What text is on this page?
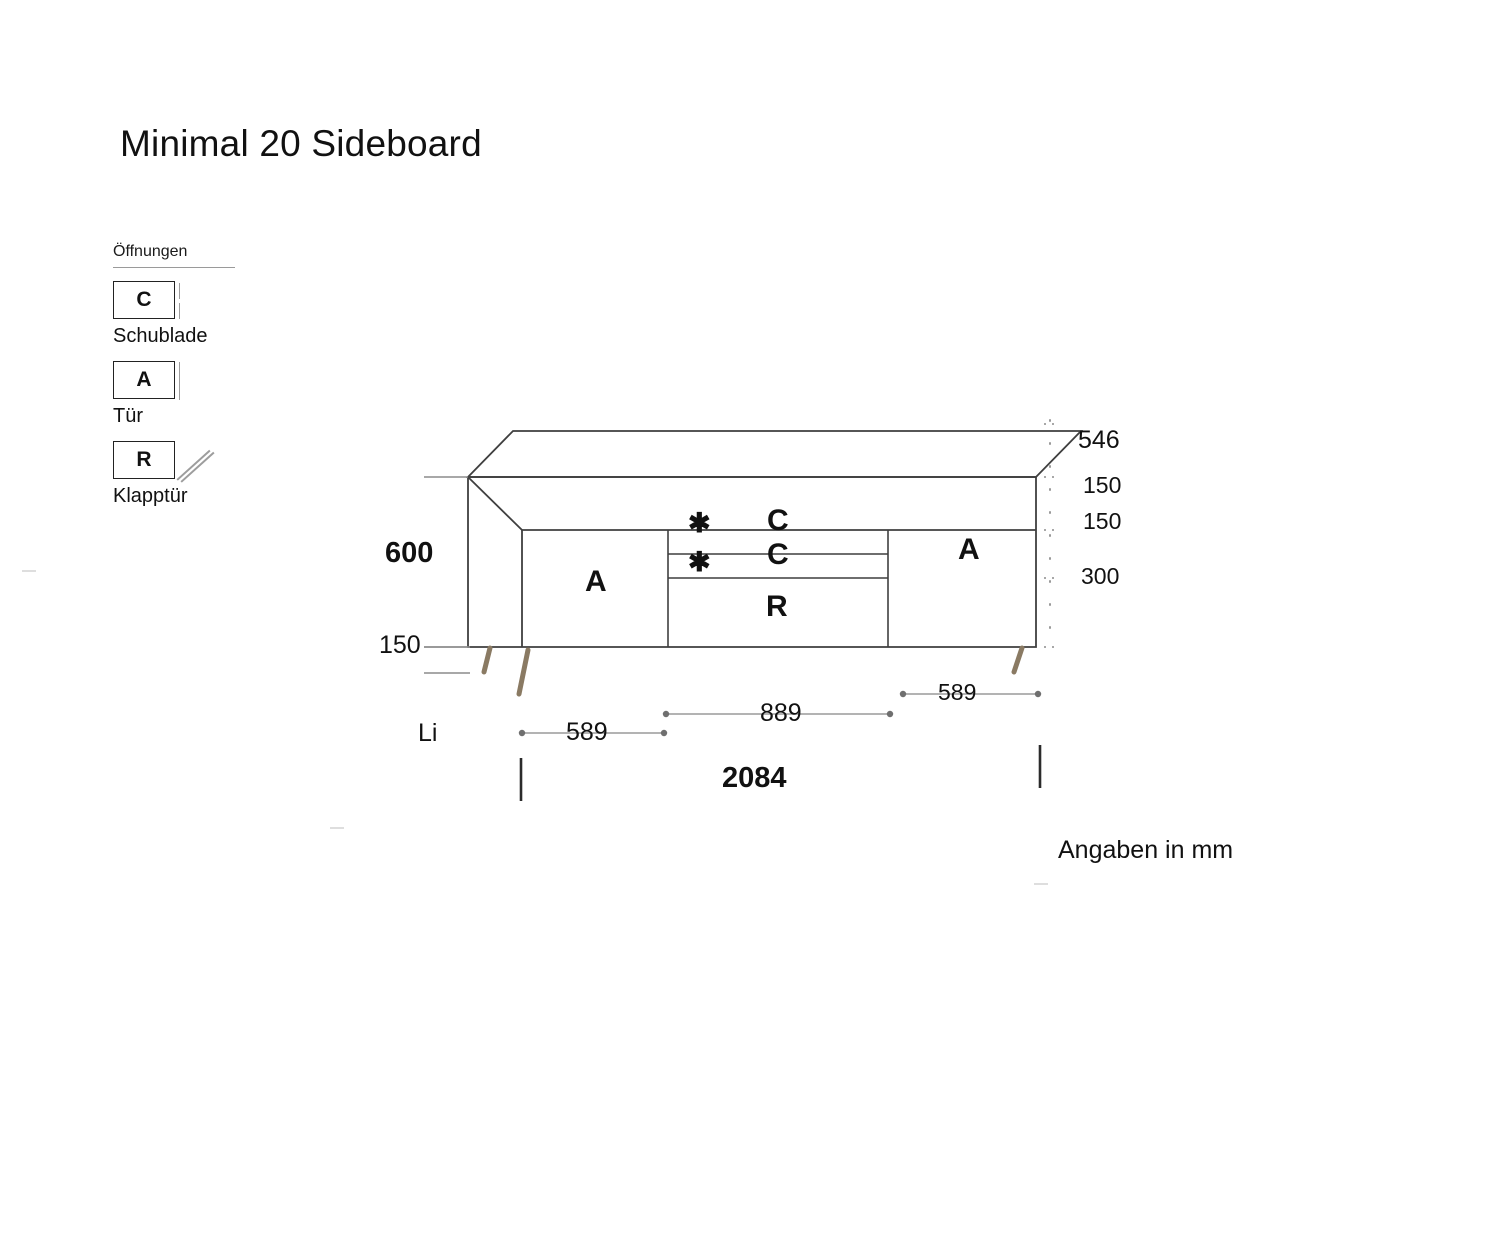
Minimal 20 Sideboard
Öffnungen
C
Schublade
A
Tür
R
Klapptür
A
✱ C
✱ C
R
A
600
150
546
150
150
300
589
889
589
2084
Li
Angaben in mm
